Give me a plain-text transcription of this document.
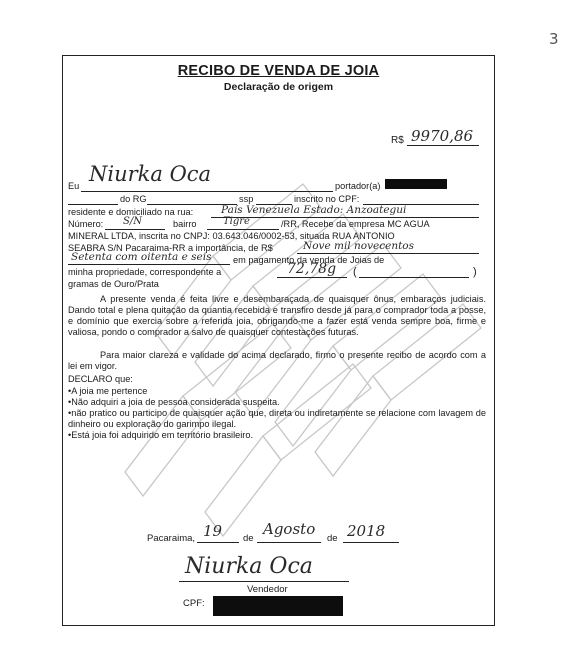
3
RECIBO DE VENDA DE JOIA
Declaração de origem
R$ 9970,86
Eu Niurka Oca	portador(a)
do RG	ssp	inscrito no CPF:
residente e domiciliado na rua:	País Venezuela Estado: Anzoategui
Número: S/N	bairro	Tigre	/RR, Recebe da empresa MC AGUA
MINERAL LTDA, inscrita no CNPJ: 03.643.046/0002-53, situada RUA ANTONIO
SEABRA S/N Pacaraima-RR a importância, de R$	Nove mil novecentos
Setenta com oitenta e seis em pagamento da venda de Joias de
minha propriedade, correspondente a	72,78g (	)
gramas de Ouro/Prata
A presente venda é feita livre e desembaraçada de quaisquer ônus, embaraços judiciais. Dando total e plena quitação da quantia recebida e transfiro desde já para o comprador toda a posse, e domínio que exercia sobre a referida joia, obrigando-me a fazer está venda sempre boa, firme e valiosa, pondo o comprador a salvo de quaisquer contestações futuras.
Para maior clareza e validade do acima declarado, firmo o presente recibo de acordo com a lei em vigor.
DECLARO que:
•A joia me pertence
•Não adquiri a joia de pessoa considerada suspeita.
•não pratico ou participo de quaisquer ação que, direta ou indiretamente se relacione com lavagem de dinheiro ou exploração do garimpo ilegal.
•Está joia foi adquirido em território brasileiro.
Pacaraima, 19 de
Agosto
de 2018
Niurka Oca
Vendedor
CPF:
